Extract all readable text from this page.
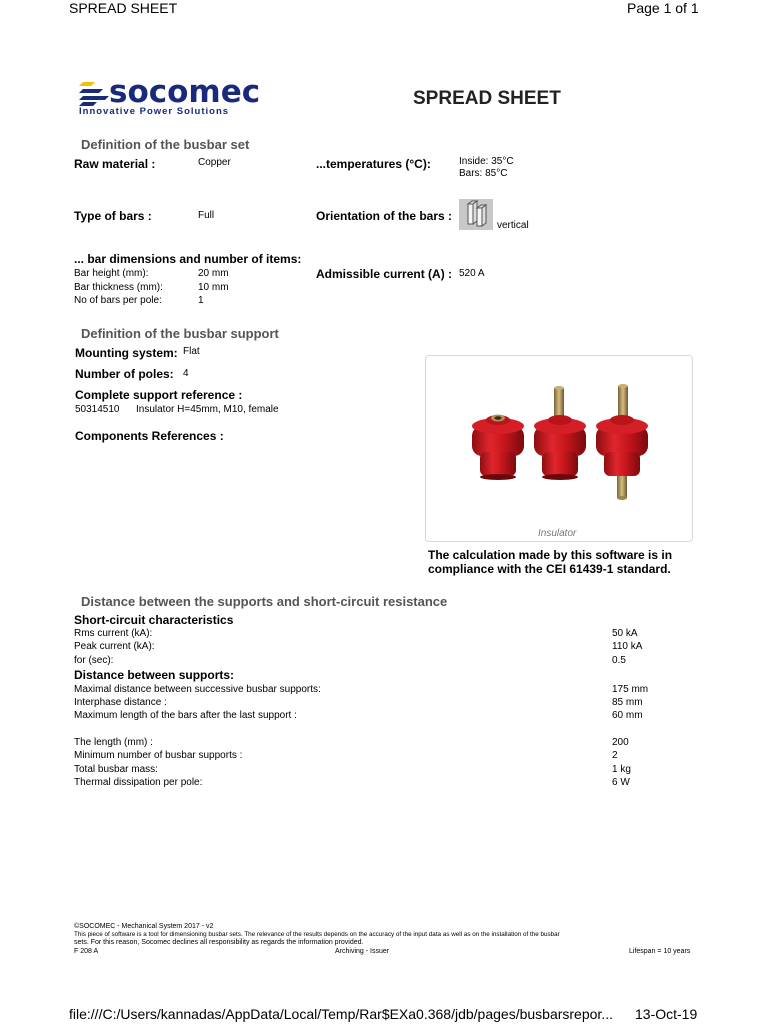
SPREAD SHEET	Page 1 of 1
socomec
Innovative Power Solutions
SPREAD SHEET
Definition of the busbar set
Raw material :	Copper	...temperatures (°C):	Inside: 35°C
Bars: 85°C
Type of bars :	Full	Orientation of the bars :
vertical
... bar dimensions and number of items:
Bar height (mm):	20 mm
Bar thickness (mm):	10 mm
No of bars per pole:	1
Admissible current (A) : 520 A
Definition of the busbar support
Mounting system: Flat
Number of poles: 4
Complete support reference :
50314510 Insulator H=45mm, M10, female
Components References :
Insulator
The calculation made by this software is in
compliance with the CEI 61439-1 standard.
Distance between the supports and short-circuit resistance
Short-circuit characteristics
Rms current (kA):	50 kA
Peak current (kA):	110 kA
for (sec):	0.5
Distance between supports:
Maximal distance between successive busbar supports:	175 mm
Interphase distance :	85 mm
Maximum length of the bars after the last support :	60 mm
The length (mm) :	200
Minimum number of busbar supports :	2
Total busbar mass:	1 kg
Thermal dissipation per pole:	6 W
©SOCOMEC - Mechanical System 2017 - v2
This piece of software is a tool for dimensioning busbar sets. The relevance of the results depends on the accuracy of the input data as well as on the installation of the busbar
sets. For this reason, Socomec declines all responsibility as regards the information provided.
F 208 A	Archiving - Issuer	Lifespan = 10 years
file:///C:/Users/kannadas/AppData/Local/Temp/Rar$EXa0.368/jdb/pages/busbarsrepor... 13-Oct-19
